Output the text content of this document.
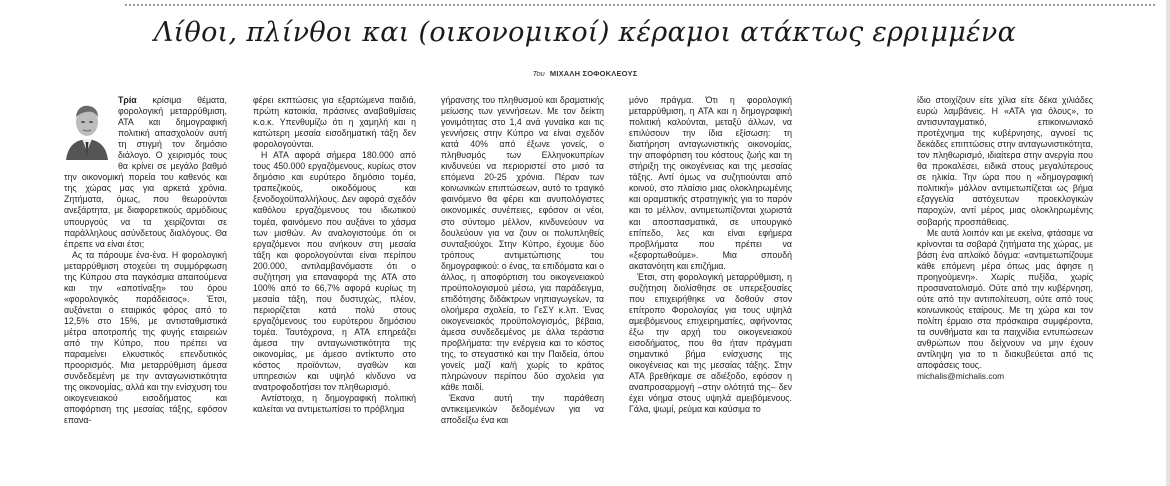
Λίθοι, πλίνθοι και (οικονομικοί) κέραμοι ατάκτως ερριμμένα
Του ΜΙΧΑΛΗ ΣΟΦΟΚΛΕΟΥΣ

Τρία κρίσιμα θέματα, φορολογική μεταρρύθμιση, ΑΤΑ και δημογραφική πολιτική απασχολούν αυτή τη στιγμή τον δημόσιο διάλογο. Ο χειρισμός τους θα κρίνει σε μεγάλο βαθμό την οικονομική πορεία του καθενός και της χώρας μας για αρκετά χρόνια. Ζητήματα, όμως, που θεωρούνται ανεξάρτητα, με διαφορετικούς αρμόδιους υπουργούς να τα χειρίζονται σε παράλληλους ασύνδετους διαλόγους. Θα έπρεπε να είναι έτσι;

Ας τα πάρουμε ένα-ένα. Η φορολογική μεταρρύθμιση στοχεύει τη συμμόρφωση της Κύπρου στα παγκόσμια απαιτούμενα και την «αποτίναξη» του όρου «φορολογικός παράδεισος». Έτσι, αυξάνεται ο εταιρικός φόρος από το 12,5% στο 15%, με αντισταθμιστικά μέτρα αποτροπής της φυγής εταιρειών από την Κύπρο, που πρέπει να παραμείνει ελκυστικός επενδυτικός προορισμός. Μια μεταρρύθμιση άμεσα συνδεδεμένη με την ανταγωνιστικότητα της οικονομίας, αλλά και την ενίσχυση του οικογενειακού εισοδήματος και αποφόρτιση της μεσαίας τάξης, εφόσον επανα-

φέρει εκπτώσεις για εξαρτώμενα παιδιά, πρώτη κατοικία, πράσινες αναβαθμίσεις κ.ο.κ. Υπενθυμίζω ότι η χαμηλή και η κατώτερη μεσαία εισοδηματική τάξη δεν φορολογούνται.

Η ΑΤΑ αφορά σήμερα 180.000 από τους 450.000 εργαζόμενους, κυρίως στον δημόσιο και ευρύτερο δημόσιο τομέα, τραπεζικούς, οικοδόμους και ξενοδοχοϋπαλλήλους. Δεν αφορά σχεδόν καθόλου εργαζόμενους του ιδιωτικού τομέα, φαινόμενο που αυξάνει το χάσμα των μισθών. Αν αναλογιστούμε ότι οι εργαζόμενοι που ανήκουν στη μεσαία τάξη και φορολογούνται είναι περίπου 200.000, αντιλαμβανόμαστε ότι ο συζήτηση για επαναφορά της ΑΤΑ στο 100% από το 66,7% αφορά κυρίως τη μεσαία τάξη, που δυστυχώς, πλέον, περιορίζεται κατά πολύ στους εργαζόμενους του ευρύτερου δημόσιου τομέα. Ταυτόχρονα, η ΑΤΑ επηρεάζει άμεσα την ανταγωνιστικότητα της οικονομίας, με άμεσο αντίκτυπο στο κόστος προϊόντων, αγαθών και υπηρεσιών και υψηλό κίνδυνο να ανατροφοδοτήσει τον πληθωρισμό.

Αντίστοιχα, η δημογραφική πολιτική καλείται να αντιμετωπίσει το πρόβλημα

γήρανσης του πληθυσμού και δραματικής μείωσης των γεννήσεων. Με τον δείκτη γονιμότητας στο 1,4 ανά γυναίκα και τις γεννήσεις στην Κύπρο να είναι σχεδόν κατά 40% από έξωνε γονείς, ο πληθυσμός των Ελληνοκυπρίων κινδυνεύει να περιοριστεί στο μισό τα επόμενα 20-25 χρόνια. Πέραν των κοινωνικών επιπτώσεων, αυτό το τραγικό φαινόμενο θα φέρει και ανυπολόγιστες οικονομικές συνέπειες, εφόσον οι νέοι, στο σύντομο μέλλον, κινδυνεύουν να δουλεύουν για να ζουν οι πολυπληθείς συνταξιούχοι. Στην Κύπρο, έχουμε δύο τρόπους αντιμετώπισης του δημογραφικού: ο ένας, τα επιδόματα και ο άλλος, η αποφόρτιση του οικογενειακού προϋπολογισμού μέσω, για παράδειγμα, επιδότησης διδάκτρων νηπιαγωγείων, τα ολοήμερα σχολεία, το ΓεΣΥ κ.λπ. Ένας οικογενειακός προϋπολογισμός, βέβαια, άμεσα συνδεδεμένος με άλλα τεράστια προβλήματα: την ενέργεια και το κόστος της, το στεγαστικό και την Παιδεία, όπου γονείς μαζί κα/ή χωρίς το κράτος πληρώνουν περίπου δύο σχολεία για κάθε παιδί.

Έκανα αυτή την παράθεση αντικειμενικών δεδομένων για να αποδείξω ένα και

μόνο πράγμα. Ότι η φορολογική μεταρρύθμιση, η ΑΤΑ και η δημογραφική πολιτική καλούνται, μεταξύ άλλων, να επιλύσουν την ίδια εξίσωση: τη διατήρηση ανταγωνιστικής οικονομίας, την αποφόρτιση του κόστους ζωής και τη στήριξη της οικογένειας και της μεσαίας τάξης. Αντί όμως να συζητιούνται από κοινού, στο πλαίσιο μιας ολοκληρωμένης και οραματικής στρατηγικής για το παρόν και το μέλλον, αντιμετωπίζονται χωριστά και αποσπασματικά, σε υπουργικό επίπεδο, λες και είναι εφήμερα προβλήματα που πρέπει να «ξεφορτωθούμε». Μια σπουδή ακατανόητη και επιζήμια.

Έτσι, στη φορολογική μεταρρύθμιση, η συζήτηση διολίσθησε σε υπερεξουσίες που επιχειρήθηκε να δοθούν στον επίτροπο Φορολογίας για τους υψηλά αμειβόμενους επιχειρηματίες, αφήνοντας έξω την αρχή του οικογενειακού εισοδήματος, που θα ήταν πράγματι σημαντικό βήμα ενίσχυσης της οικογένειας και της μεσαίας τάξης. Στην ΑΤΑ βρεθήκαμε σε αδιέξοδο, εφόσον η αναπροσαρμογή –στην ολότητά της– δεν έχει νόημα στους υψηλά αμειβόμενους. Γάλα, ψωμί, ρεύμα και καύσιμα το

ίδιο στοιχίζουν είτε χίλια είτε δέκα χιλιάδες ευρώ λαμβάνεις. Η «ΑΤΑ για όλους», το αντισυνταγματικό, επικοινωνιακό προτέχνημα της κυβέρνησης, αγνοεί τις δεκάδες επιπτώσεις στην ανταγωνιστικότητα, τον πληθωρισμό, ιδιαίτερα στην ανεργία που θα προκαλέσει, ειδικά στους μεγαλύτερους σε ηλικία. Την ώρα που η «δημογραφική πολιτική» μάλλον αντιμετωπίζεται ως βήμα εξαγγελία αστόχευτων προεκλογικών παροχών, αντί μέρος μιας ολοκληρωμένης σοβαρής προσπάθειας.

Με αυτά λοιπόν και με εκείνα, φτάσαμε να κρίνονται τα σοβαρά ζητήματα της χώρας, με βάση ένα απλοϊκό δόγμα: «αντιμετωπίζουμε κάθε επόμενη μέρα όπως μας άφησε η προηγούμενη». Χωρίς πυξίδα, χωρίς προσανατολισμό. Ούτε από την κυβέρνηση, ούτε από την αντιπολίτευση, ούτε από τους κοινωνικούς εταίρους. Με τη χώρα και τον πολίτη έρμαιο στα πρόσκαιρα συμφέροντα, τα συνθήματα και τα παιχνίδια εντυπώσεων ανθρώπων που δείχνουν να μην έχουν αντίληψη για το τι διακυβεύεται από τις αποφάσεις τους.

michalis@michalis.com
